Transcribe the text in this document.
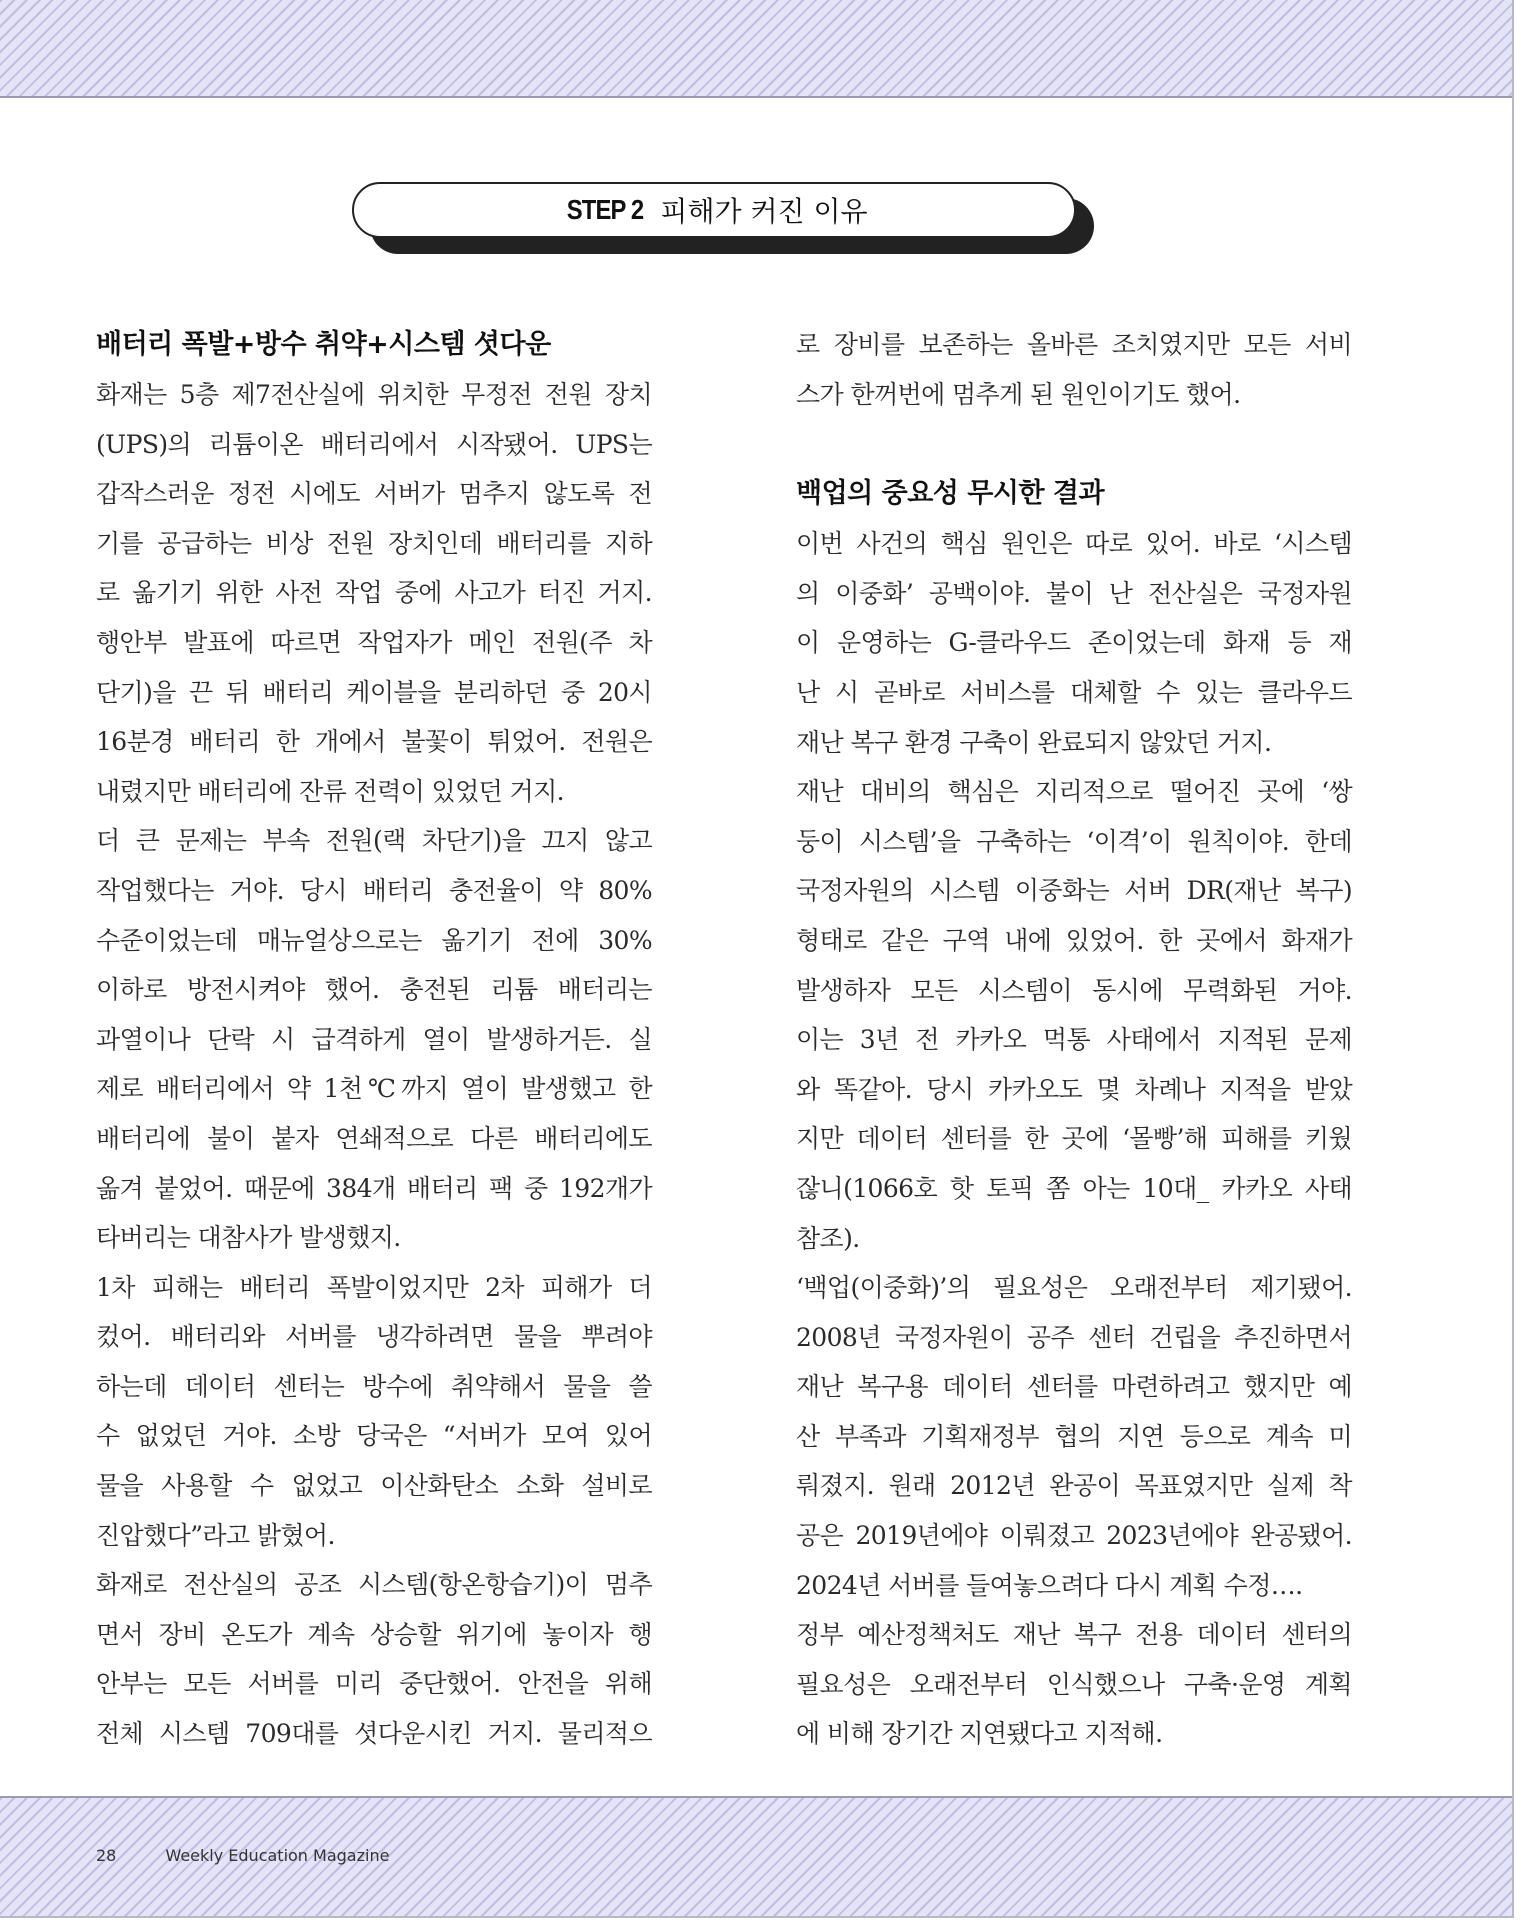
STEP 2 피해가 커진 이유
배터리 폭발+방수 취약+시스템 셧다운
화재는 5층 제7전산실에 위치한 무정전 전원 장치
(UPS)의 리튬이온 배터리에서 시작됐어. UPS는
갑작스러운 정전 시에도 서버가 멈추지 않도록 전
기를 공급하는 비상 전원 장치인데 배터리를 지하
로 옮기기 위한 사전 작업 중에 사고가 터진 거지.
행안부 발표에 따르면 작업자가 메인 전원(주 차
단기)을 끈 뒤 배터리 케이블을 분리하던 중 20시
16분경 배터리 한 개에서 불꽃이 튀었어. 전원은
내렸지만 배터리에 잔류 전력이 있었던 거지.
더 큰 문제는 부속 전원(랙 차단기)을 끄지 않고
작업했다는 거야. 당시 배터리 충전율이 약 80%
수준이었는데 매뉴얼상으로는 옮기기 전에 30%
이하로 방전시켜야 했어. 충전된 리튬 배터리는
과열이나 단락 시 급격하게 열이 발생하거든. 실
제로 배터리에서 약 1천℃까지 열이 발생했고 한
배터리에 불이 붙자 연쇄적으로 다른 배터리에도
옮겨 붙었어. 때문에 384개 배터리 팩 중 192개가
타버리는 대참사가 발생했지.
1차 피해는 배터리 폭발이었지만 2차 피해가 더
컸어. 배터리와 서버를 냉각하려면 물을 뿌려야
하는데 데이터 센터는 방수에 취약해서 물을 쓸
수 없었던 거야. 소방 당국은 “서버가 모여 있어
물을 사용할 수 없었고 이산화탄소 소화 설비로
진압했다”라고 밝혔어.
화재로 전산실의 공조 시스템(항온항습기)이 멈추
면서 장비 온도가 계속 상승할 위기에 놓이자 행
안부는 모든 서버를 미리 중단했어. 안전을 위해
전체 시스템 709대를 셧다운시킨 거지. 물리적으
로 장비를 보존하는 올바른 조치였지만 모든 서비
스가 한꺼번에 멈추게 된 원인이기도 했어.
백업의 중요성 무시한 결과
이번 사건의 핵심 원인은 따로 있어. 바로 ‘시스템
의 이중화’ 공백이야. 불이 난 전산실은 국정자원
이 운영하는 G-클라우드 존이었는데 화재 등 재
난 시 곧바로 서비스를 대체할 수 있는 클라우드
재난 복구 환경 구축이 완료되지 않았던 거지.
재난 대비의 핵심은 지리적으로 떨어진 곳에 ‘쌍
둥이 시스템’을 구축하는 ‘이격’이 원칙이야. 한데
국정자원의 시스템 이중화는 서버 DR(재난 복구)
형태로 같은 구역 내에 있었어. 한 곳에서 화재가
발생하자 모든 시스템이 동시에 무력화된 거야.
이는 3년 전 카카오 먹통 사태에서 지적된 문제
와 똑같아. 당시 카카오도 몇 차례나 지적을 받았
지만 데이터 센터를 한 곳에 ‘몰빵’해 피해를 키웠
잖니(1066호 핫 토픽 쫌 아는 10대_ 카카오 사태
참조).
‘백업(이중화)’의 필요성은 오래전부터 제기됐어.
2008년 국정자원이 공주 센터 건립을 추진하면서
재난 복구용 데이터 센터를 마련하려고 했지만 예
산 부족과 기획재정부 협의 지연 등으로 계속 미
뤄졌지. 원래 2012년 완공이 목표였지만 실제 착
공은 2019년에야 이뤄졌고 2023년에야 완공됐어.
2024년 서버를 들여놓으려다 다시 계획 수정….
정부 예산정책처도 재난 복구 전용 데이터 센터의
필요성은 오래전부터 인식했으나 구축·운영 계획
에 비해 장기간 지연됐다고 지적해.
28	Weekly Education Magazine
